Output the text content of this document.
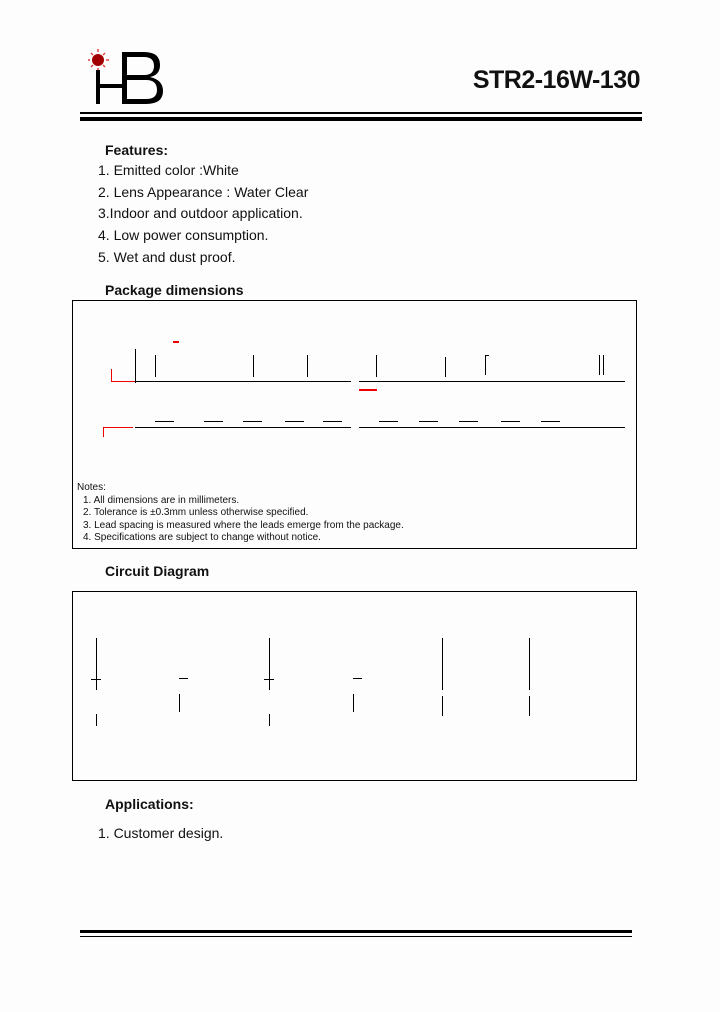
STR2-16W-130
Features:
1. Emitted color :White
2. Lens Appearance : Water Clear
3.Indoor and outdoor application.
4. Low power consumption.
5. Wet and dust proof.
Package dimensions
Notes:
1. All dimensions are in millimeters.
2. Tolerance is ±0.3mm unless otherwise specified.
3. Lead spacing is measured where the leads emerge from the package.
4. Specifications are subject to change without notice.
Circuit Diagram
Applications:
1. Customer design.
